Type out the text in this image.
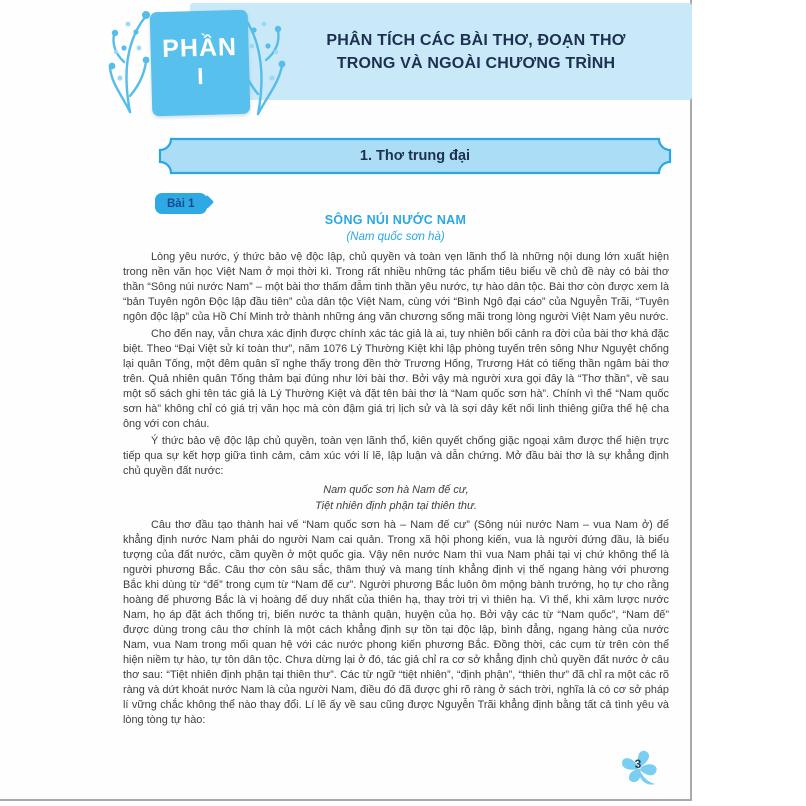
PHÂN TÍCH CÁC BÀI THƠ, ĐOẠN THƠ
TRONG VÀ NGOÀI CHƯƠNG TRÌNH
PHẦN
I
1. Thơ trung đại
Bài 1
SÔNG NÚI NƯỚC NAM
(Nam quốc sơn hà)

Lòng yêu nước, ý thức bảo vệ độc lập, chủ quyền và toàn vẹn lãnh thổ là những nội dung lớn xuất hiện trong nền văn học Việt Nam ở mọi thời kì. Trong rất nhiều những tác phẩm tiêu biểu về chủ đề này có bài thơ thần “Sông núi nước Nam” – một bài thơ thấm đẫm tinh thần yêu nước, tự hào dân tộc. Bài thơ còn được xem là “bản Tuyên ngôn Độc lập đầu tiên” của dân tộc Việt Nam, cùng với “Bình Ngô đại cáo” của Nguyễn Trãi, “Tuyên ngôn độc lập” của Hồ Chí Minh trở thành những áng văn chương sống mãi trong lòng người Việt Nam yêu nước.

Cho đến nay, vẫn chưa xác định được chính xác tác giả là ai, tuy nhiên bối cảnh ra đời của bài thơ khá đặc biệt. Theo “Đại Việt sử kí toàn thư”, năm 1076 Lý Thường Kiệt khi lập phòng tuyến trên sông Như Nguyệt chống lại quân Tống, một đêm quân sĩ nghe thấy trong đền thờ Trương Hống, Trương Hát có tiếng thần ngâm bài thơ trên. Quả nhiên quân Tống thảm bại đúng như lời bài thơ. Bởi vậy mà người xưa gọi đây là “Thơ thần”, về sau một số sách ghi tên tác giả là Lý Thường Kiệt và đặt tên bài thơ là “Nam quốc sơn hà”. Chính vì thế “Nam quốc sơn hà” không chỉ có giá trị văn học mà còn đậm giá trị lịch sử và là sợi dây kết nối linh thiêng giữa thế hệ cha ông với con cháu.

Ý thức bảo vệ độc lập chủ quyền, toàn vẹn lãnh thổ, kiên quyết chống giặc ngoại xâm được thể hiện trực tiếp qua sự kết hợp giữa tình cảm, cảm xúc với lí lẽ, lập luận và dẫn chứng. Mở đầu bài thơ là sự khẳng định chủ quyền đất nước:

Nam quốc sơn hà Nam đế cư,
Tiệt nhiên định phận tại thiên thư.

Câu thơ đầu tạo thành hai vế “Nam quốc sơn hà – Nam đế cư” (Sông núi nước Nam – vua Nam ở) để khẳng định nước Nam phải do người Nam cai quản. Trong xã hội phong kiến, vua là người đứng đầu, là biểu tượng của đất nước, cầm quyền ở một quốc gia. Vậy nên nước Nam thì vua Nam phải tại vị chứ không thể là người phương Bắc. Câu thơ còn sâu sắc, thâm thuý và mang tính khẳng định vị thế ngang hàng với phương Bắc khi dùng từ “đế” trong cụm từ “Nam đế cư”. Người phương Bắc luôn ôm mộng bành trướng, họ tự cho rằng hoàng đế phương Bắc là vị hoàng đế duy nhất của thiên hạ, thay trời trị vì thiên hạ. Vì thế, khi xâm lược nước Nam, họ áp đặt ách thống trị, biến nước ta thành quận, huyện của họ. Bởi vậy các từ “Nam quốc”, “Nam đế” được dùng trong câu thơ chính là một cách khẳng định sự tồn tại độc lập, bình đẳng, ngang hàng của nước Nam, vua Nam trong mối quan hệ với các nước phong kiến phương Bắc. Đồng thời, các cụm từ trên còn thể hiện niềm tự hào, tự tôn dân tộc. Chưa dừng lại ở đó, tác giả chỉ ra cơ sở khẳng định chủ quyền đất nước ở câu thơ sau: “Tiệt nhiên định phận tại thiên thư”. Các từ ngữ “tiệt nhiên”, “định phận”, “thiên thư” đã chỉ ra một các rõ ràng và dứt khoát nước Nam là của người Nam, điều đó đã được ghi rõ ràng ở sách trời, nghĩa là có cơ sở pháp lí vững chắc không thể nào thay đổi. Lí lẽ ấy về sau cũng được Nguyễn Trãi khẳng định bằng tất cả tình yêu và lòng tòng tự hào:

3
